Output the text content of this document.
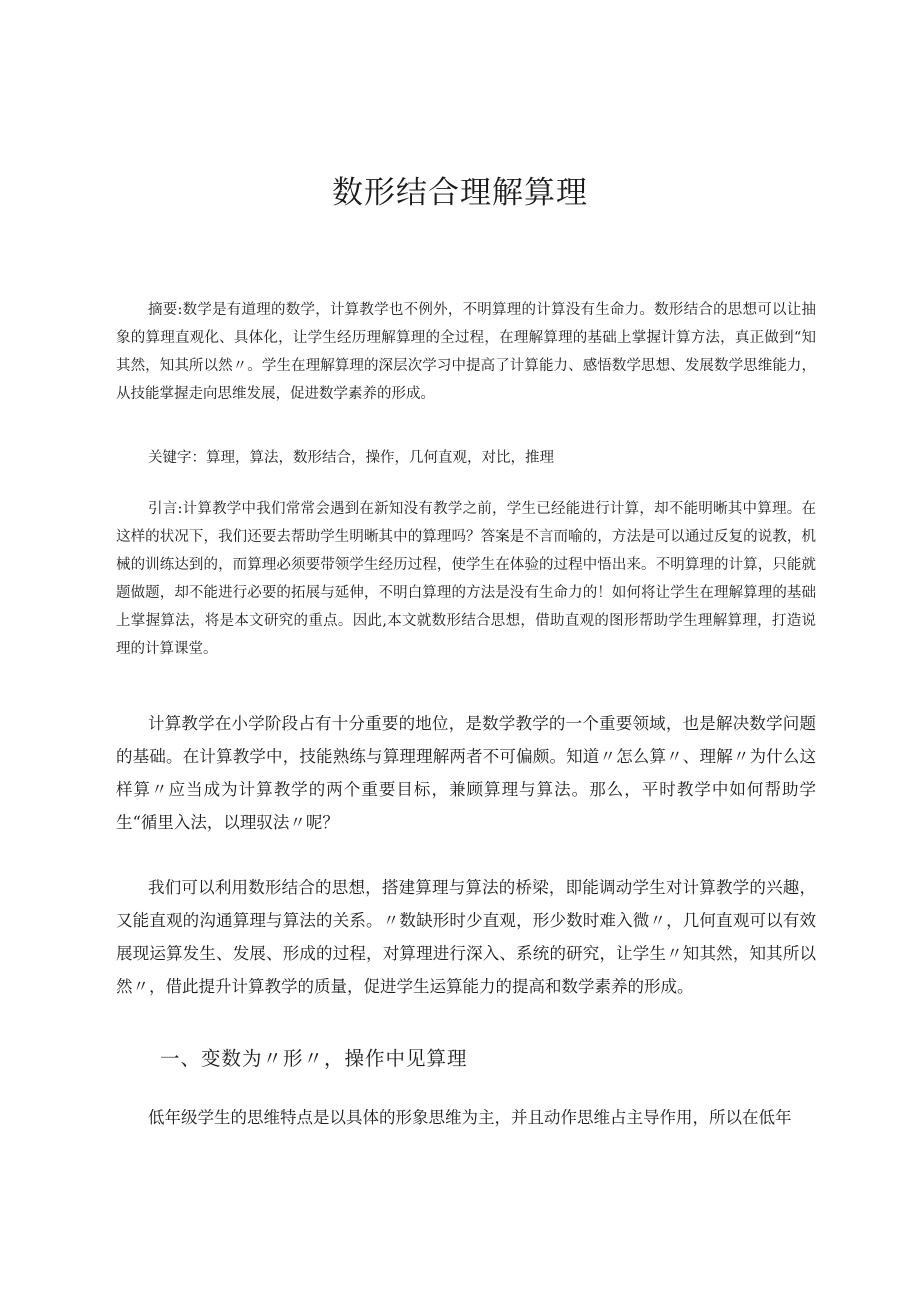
数形结合理解算理

摘要:数学是有道理的数学，计算教学也不例外，不明算理的计算没有生命力。数形结合的思想可以让抽象的算理直观化、具体化，让学生经历理解算理的全过程，在理解算理的基础上掌握计算方法，真正做到“知其然，知其所以然〃。学生在理解算理的深层次学习中提高了计算能力、感悟数学思想、发展数学思维能力，从技能掌握走向思维发展，促进数学素养的形成。

关键字：算理，算法，数形结合，操作，几何直观，对比，推理

引言:计算教学中我们常常会遇到在新知没有教学之前，学生已经能进行计算，却不能明晰其中算理。在这样的状况下，我们还要去帮助学生明晰其中的算理吗？答案是不言而喻的，方法是可以通过反复的说教，机械的训练达到的，而算理必须要带领学生经历过程，使学生在体验的过程中悟出来。不明算理的计算，只能就题做题，却不能进行必要的拓展与延伸，不明白算理的方法是没有生命力的！如何将让学生在理解算理的基础上掌握算法，将是本文研究的重点。因此,本文就数形结合思想，借助直观的图形帮助学生理解算理，打造说理的计算课堂。

计算教学在小学阶段占有十分重要的地位，是数学教学的一个重要领域，也是解决数学问题的基础。在计算教学中，技能熟练与算理理解两者不可偏颇。知道〃怎么算〃、理解〃为什么这样算〃应当成为计算教学的两个重要目标，兼顾算理与算法。那么，平时教学中如何帮助学生“循里入法，以理驭法〃呢？

我们可以利用数形结合的思想，搭建算理与算法的桥梁，即能调动学生对计算教学的兴趣，又能直观的沟通算理与算法的关系。〃数缺形时少直观，形少数时难入微〃，几何直观可以有效展现运算发生、发展、形成的过程，对算理进行深入、系统的研究，让学生〃知其然，知其所以然〃，借此提升计算教学的质量，促进学生运算能力的提高和数学素养的形成。

一、变数为〃形〃，操作中见算理

低年级学生的思维特点是以具体的形象思维为主，并且动作思维占主导作用，所以在低年
